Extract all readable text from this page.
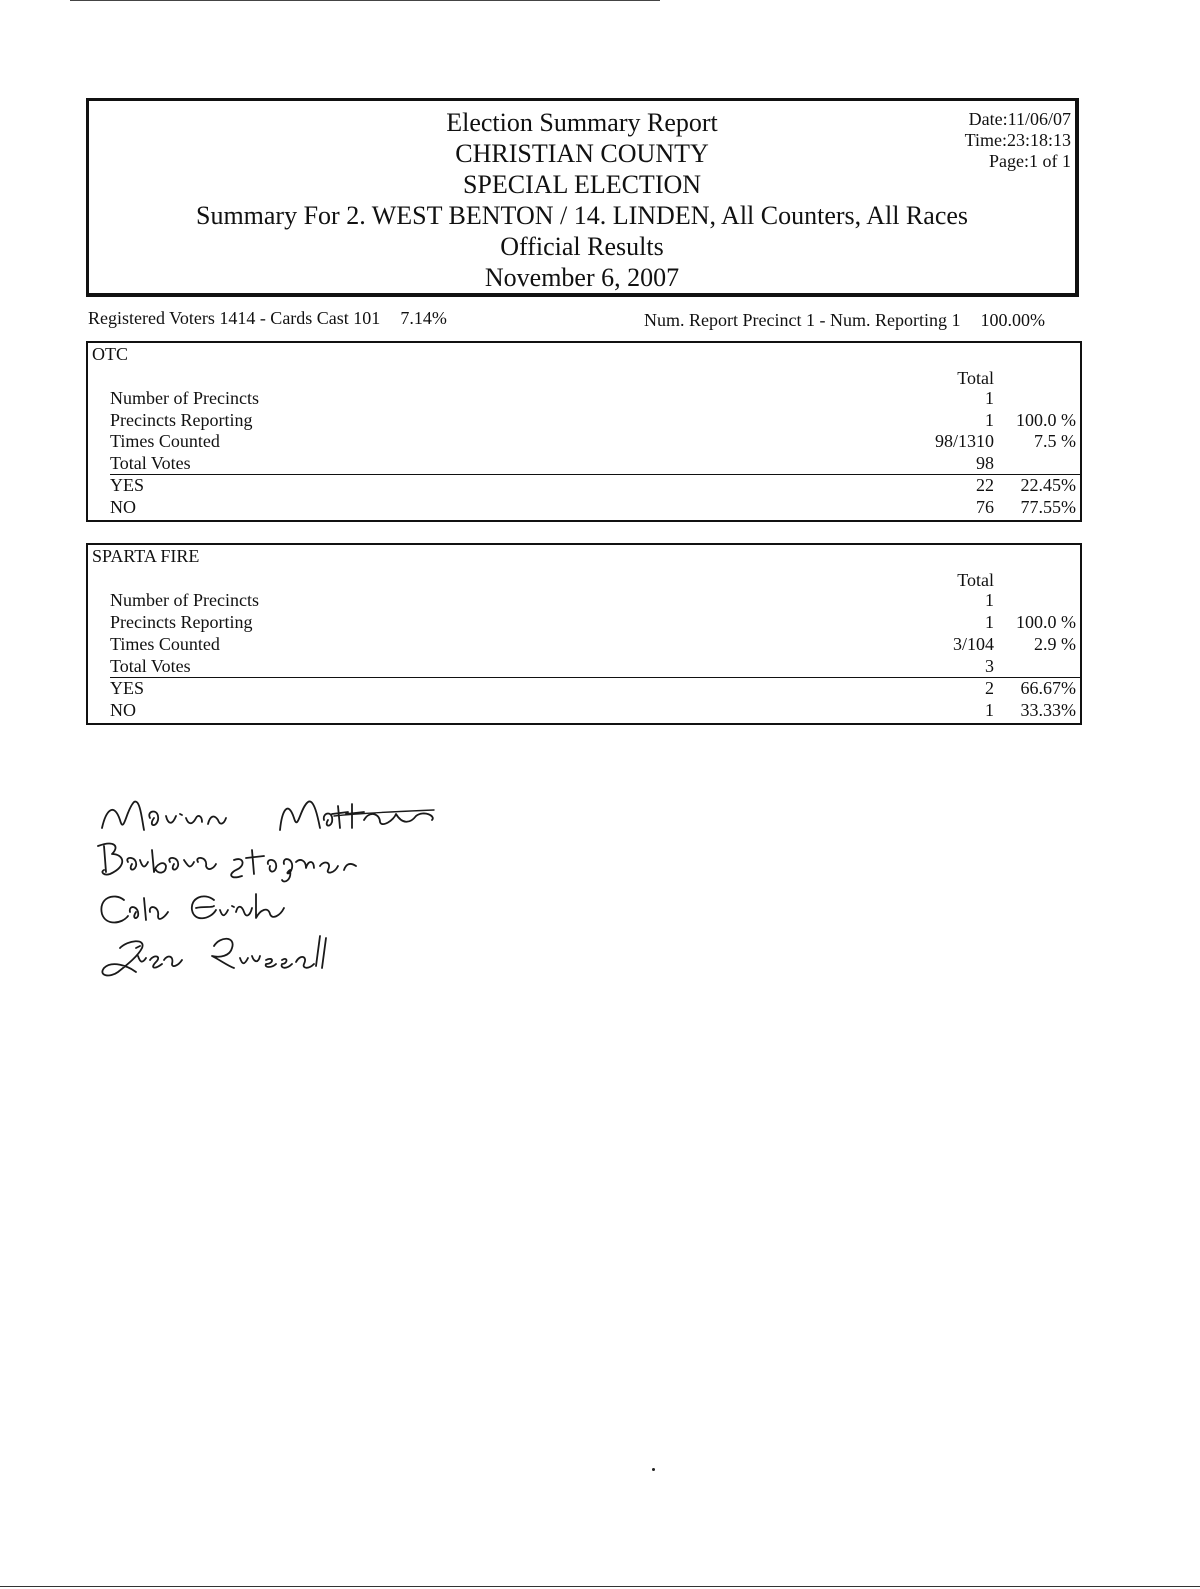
Election Summary Report
CHRISTIAN COUNTY
SPECIAL ELECTION
Summary For 2. WEST BENTON / 14. LINDEN, All Counters, All Races
Official Results
November 6, 2007
Date:11/06/07
Time:23:18:13
Page:1 of 1
Registered Voters 1414 - Cards Cast 101 7.14%	Num. Report Precinct 1 - Num. Reporting 1 100.00%
OTC
Total
Number of Precincts	1
Precincts Reporting	1 100.0 %
Times Counted	98/1310 7.5 %
Total Votes	98
YES	22 22.45%
NO	76 77.55%
SPARTA FIRE
Total
Number of Precincts	1
Precincts Reporting	1 100.0 %
Times Counted	3/104 2.9 %
Total Votes	3
YES	2 66.67%
NO	1 33.33%
